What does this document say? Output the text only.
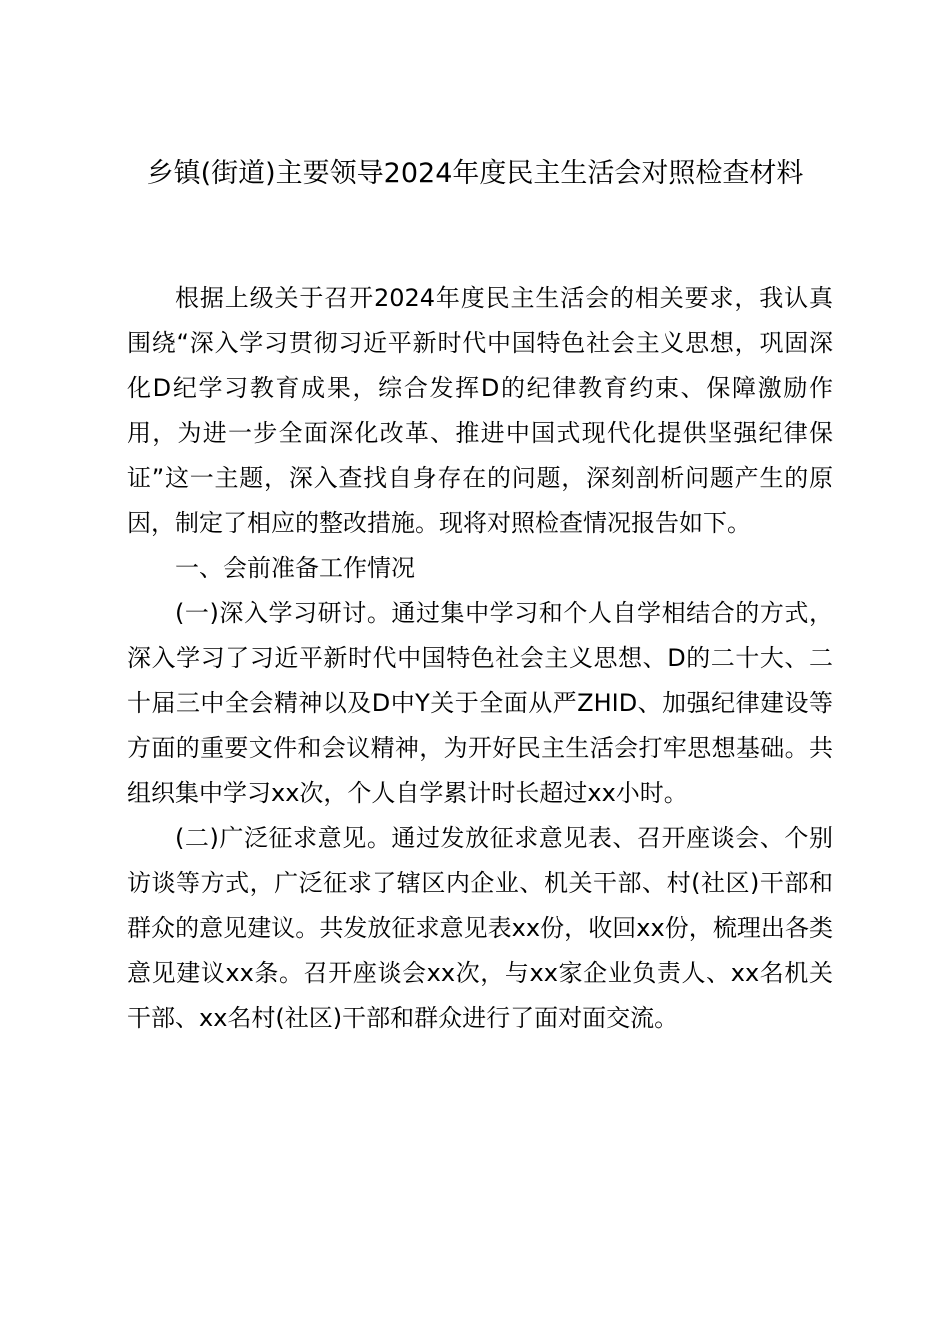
乡镇(街道)主要领导2024年度民主生活会对照检查材料

根据上级关于召开2024年度民主生活会的相关要求，我认真围绕“深入学习贯彻习近平新时代中国特色社会主义思想，巩固深化D纪学习教育成果，综合发挥D的纪律教育约束、保障激励作用，为进一步全面深化改革、推进中国式现代化提供坚强纪律保证”这一主题，深入查找自身存在的问题，深刻剖析问题产生的原因，制定了相应的整改措施。现将对照检查情况报告如下。

一、会前准备工作情况

(一)深入学习研讨。通过集中学习和个人自学相结合的方式，深入学习了习近平新时代中国特色社会主义思想、D的二十大、二十届三中全会精神以及D中Y关于全面从严ZHID、加强纪律建设等方面的重要文件和会议精神，为开好民主生活会打牢思想基础。共组织集中学习xx次，个人自学累计时长超过xx小时。

(二)广泛征求意见。通过发放征求意见表、召开座谈会、个别访谈等方式，广泛征求了辖区内企业、机关干部、村(社区)干部和群众的意见建议。共发放征求意见表xx份，收回xx份，梳理出各类意见建议xx条。召开座谈会xx次，与xx家企业负责人、xx名机关干部、xx名村(社区)干部和群众进行了面对面交流。
